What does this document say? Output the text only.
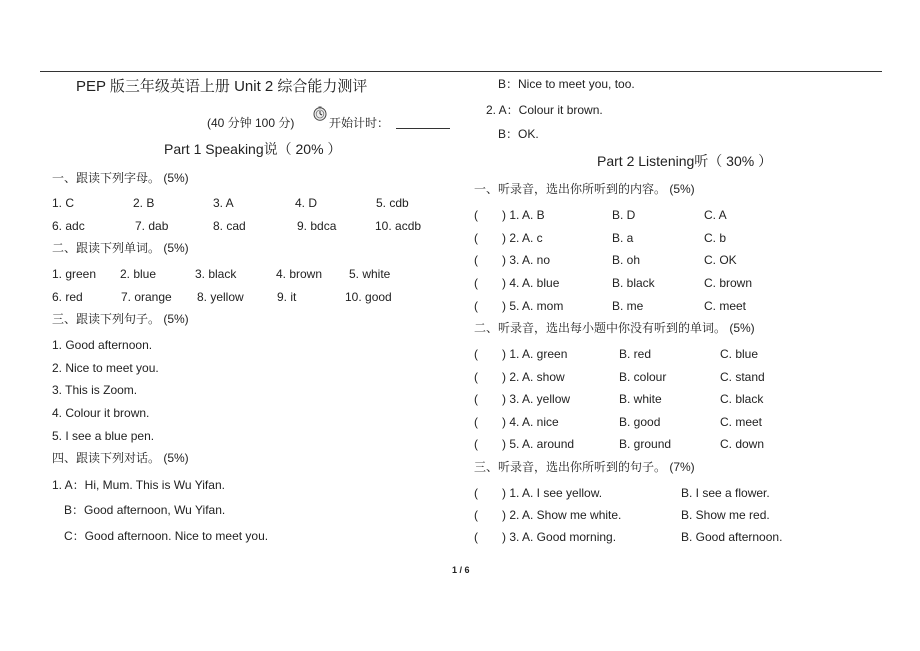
PEP 版三年级英语上册 Unit 2 综合能力测评
(40 分钟 100 分)	开始计时：
Part 1 Speaking说（ 20% ）
一、跟读下列字母。 (5%)
1. C	2. B	3. A	4. D	5. cdb
6. adc	7. dab	8. cad	9. bdca	10. acdb
二、跟读下列单词。 (5%)
1. green 2. blue	3. black	4. brown 5. white
6. red	7. orange 8. yellow	9. it	10. good
三、跟读下列句子。 (5%)
1. Good afternoon.
2. Nice to meet you.
3. This is Zoom.
4. Colour it brown.
5. I see a blue pen.
四、跟读下列对话。 (5%)
1. A：Hi, Mum. This is Wu Yifan.
B：Good afternoon, Wu Yifan.
C：Good afternoon. Nice to meet you.
B：Nice to meet you, too.
2. A：Colour it brown.
B：OK.
Part 2 Listening听（ 30% ）
一、听录音，选出你所听到的内容。 (5%)
( ) 1. A. B	B. D	C. A
( ) 2. A. c	B. a	C. b
( ) 3. A. no	B. oh	C. OK
( ) 4. A. blue	B. black	C. brown
( ) 5. A. mom	B. me	C. meet
二、听录音，选出每小题中你没有听到的单词。 (5%)
( ) 1. A. green	B. red	C. blue
( ) 2. A. show	B. colour	C. stand
( ) 3. A. yellow	B. white	C. black
( ) 4. A. nice	B. good	C. meet
( ) 5. A. around	B. ground	C. down
三、听录音，选出你所听到的句子。 (7%)
( ) 1. A. I see yellow.	B. I see a flower.
( ) 2. A. Show me white.	B. Show me red.
( ) 3. A. Good morning.	B. Good afternoon.
1 / 6
